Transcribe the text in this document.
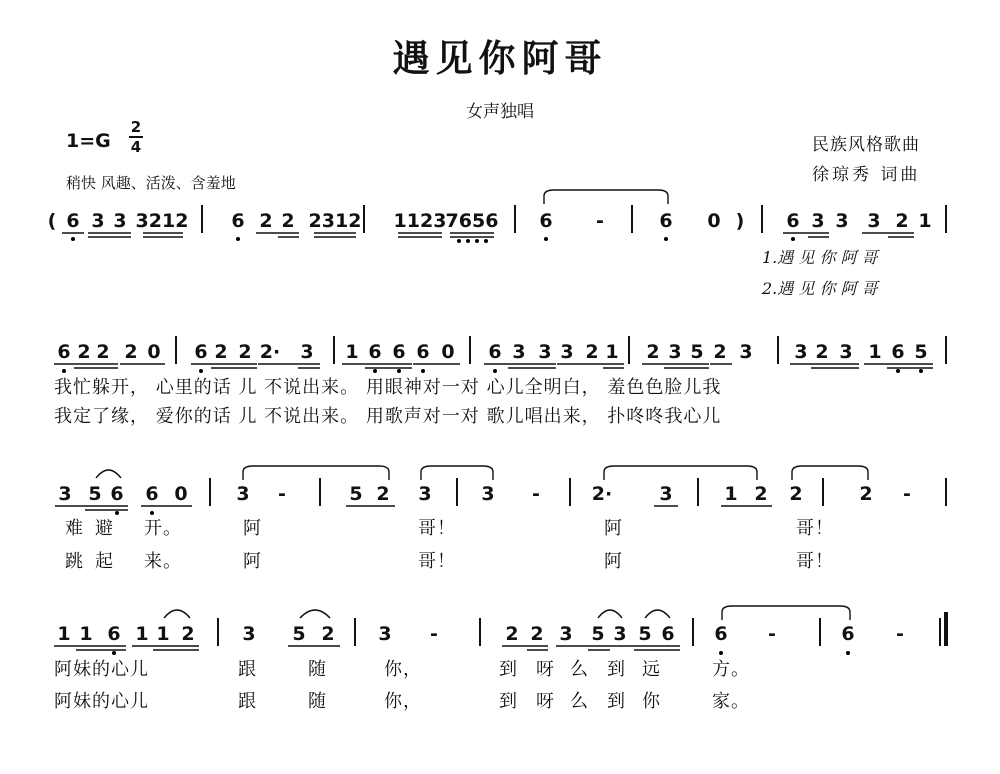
遇见你阿哥
女声独唱
1=G
2
4
稍快 风趣、活泼、含羞地
民族风格歌曲
徐琼秀 词曲
( 6 3 3 3212 6 2 2 2312 1123 7656 6 -	6 0 ) 6 3 3 3 2 1
6 2 2 2 0 6 2 2 2· 3 1 6 6 6 0 6 3 3 3 2 1 2 3 5 2 3 3 2 3 1 6 5
3 5 6 6 0	3 -	5 2 3	3 -	2· 3	1 2 2	2 -
1 1 6 1 1 2	3 5 2 3 -	2 2 3 5 3 5 6 6 -	6 -
1.遇 见 你 阿 哥
2.遇 见 你 阿 哥
我忙躲开， 心里的话 儿 不说出来。 用眼神对一对 心儿全明白， 羞色色脸儿我
我定了缘， 爱你的话 儿 不说出来。 用歌声对一对 歌儿唱出来， 扑咚咚我心儿
难 避 开。	阿	哥！	阿	哥！
跳 起 来。	阿	哥！	阿	哥！
阿妹的心儿	跟	随	你，	到 呀 么 到 远	方。
阿妹的心儿	跟	随	你，	到 呀 么 到 你	家。
